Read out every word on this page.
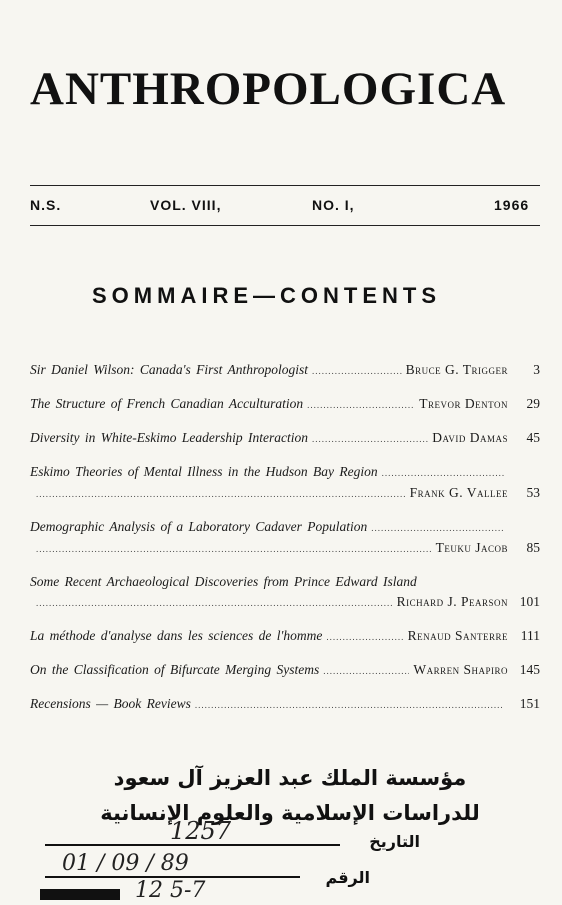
ANTHROPOLOGICA
N.S.	VOL. VIII,	NO. I,	1966
SOMMAIRE—CONTENTS
Sir Daniel Wilson: Canada's First Anthropologist .....	Bruce G. Trigger	3
The Structure of French Canadian Acculturation .....	Trevor Denton	29
Diversity in White-Eskimo Leadership Interaction .....	David Damas	45
Eskimo Theories of Mental Illness in the Hudson Bay Region
.....
.....
Frank G. Vallee	53
Demographic Analysis of a Laboratory Cadaver Population
.....
.....
Teuku Jacob	85
Some Recent Archaeological Discoveries from Prince Edward Island
.....
Richard J. Pearson 101
La méthode d'analyse dans les sciences de l'homme .....	Renaud Santerre 111
On the Classification of Bifurcate Merging Systems .....	Warren Shapiro 145
Recensions — Book Reviews .....	151
مؤسسة الملك عبد العزيز آل سعود
للدراسات الإسلامية والعلوم الإنسانية
1257	التاريخ
01 / 09 / 89
الرقم
12 5-7
